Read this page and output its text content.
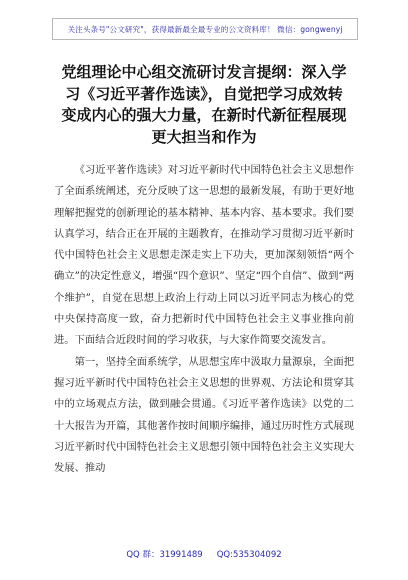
关注头条号"公文研究"，获得最新最全最专业的公文资料库！ 微信：gongwenyj
党组理论中心组交流研讨发言提纲：深入学习《习近平著作选读》，自觉把学习成效转变成内心的强大力量，在新时代新征程展现更大担当和作为

《习近平著作选读》对习近平新时代中国特色社会主义思想作了全面系统阐述，充分反映了这一思想的最新发展，有助于更好地理解把握党的创新理论的基本精神、基本内容、基本要求。我们要认真学习，结合正在开展的主题教育，在推动学习贯彻习近平新时代中国特色社会主义思想走深走实上下功夫，更加深刻领悟“两个确立”的决定性意义，增强“四个意识”、坚定“四个自信”、做到“两个维护”，自觉在思想上政治上行动上同以习近平同志为核心的党中央保持高度一致，奋力把新时代中国特色社会主义事业推向前进。下面结合近段时间的学习收获，与大家作简要交流发言。

第一，坚持全面系统学，从思想宝库中汲取力量源泉，全面把握习近平新时代中国特色社会主义思想的世界观、方法论和贯穿其中的立场观点方法，做到融会贯通。《习近平著作选读》以党的二十大报告为开篇，其他著作按时间顺序编排，通过历时性方式展现习近平新时代中国特色社会主义思想引领中国特色社会主义实现大发展、推动

QQ 群：31991489 QQ:535304092
